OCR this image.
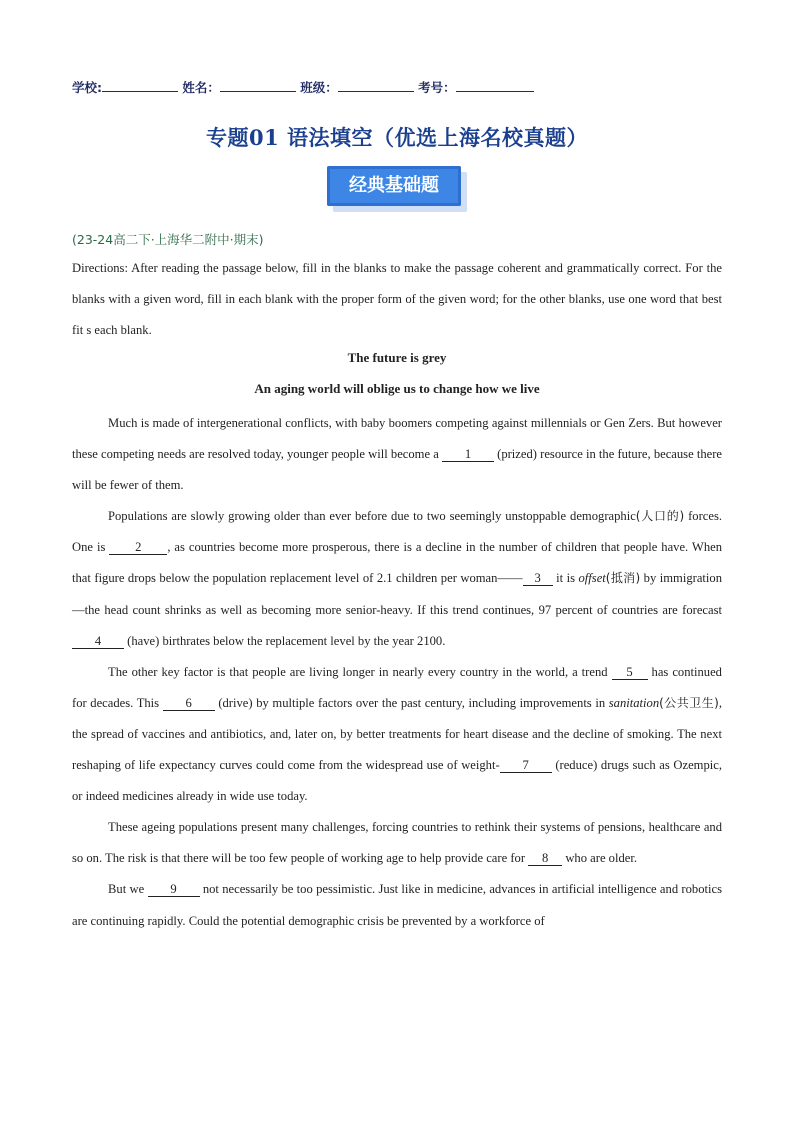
学校:	姓名：	班级：	考号：
专题01 语法填空（优选上海名校真题）
经典基础题
(23-24高二下·上海华二附中·期末)
Directions: After reading the passage below, fill in the blanks to make the passage coherent and grammatically correct. For the blanks with a given word, fill in each blank with the proper form of the given word; for the other blanks, use one word that best fit s each blank.
The future is grey
An aging world will oblige us to change how we live

Much is made of intergenerational conflicts, with baby boomers competing against millennials or Gen Zers. But however these competing needs are resolved today, younger people will become a 1 (prized) resource in the future, because there will be fewer of them.

Populations are slowly growing older than ever before due to two seemingly unstoppable demographic(人口的) forces. One is 2 , as countries become more prosperous, there is a decline in the number of children that people have. When that figure drops below the population replacement level of 2.1 children per woman—— 3 it is offset(抵消) by immigration —the head count shrinks as well as becoming more senior-heavy. If this trend continues, 97 percent of countries are forecast 4 (have) birthrates below the replacement level by the year 2100.

The other key factor is that people are living longer in nearly every country in the world, a trend 5 has continued for decades. This 6 (drive) by multiple factors over the past century, including improvements in sanitation(公共卫生), the spread of vaccines and antibiotics, and, later on, by better treatments for heart disease and the decline of smoking. The next reshaping of life expectancy curves could come from the widespread use of weight- 7 (reduce) drugs such as Ozempic, or indeed medicines already in wide use today.

These ageing populations present many challenges, forcing countries to rethink their systems of pensions, healthcare and so on. The risk is that there will be too few people of working age to help provide care for 8 who are older.

But we 9 not necessarily be too pessimistic. Just like in medicine, advances in artificial intelligence and robotics are continuing rapidly. Could the potential demographic crisis be prevented by a workforce of
